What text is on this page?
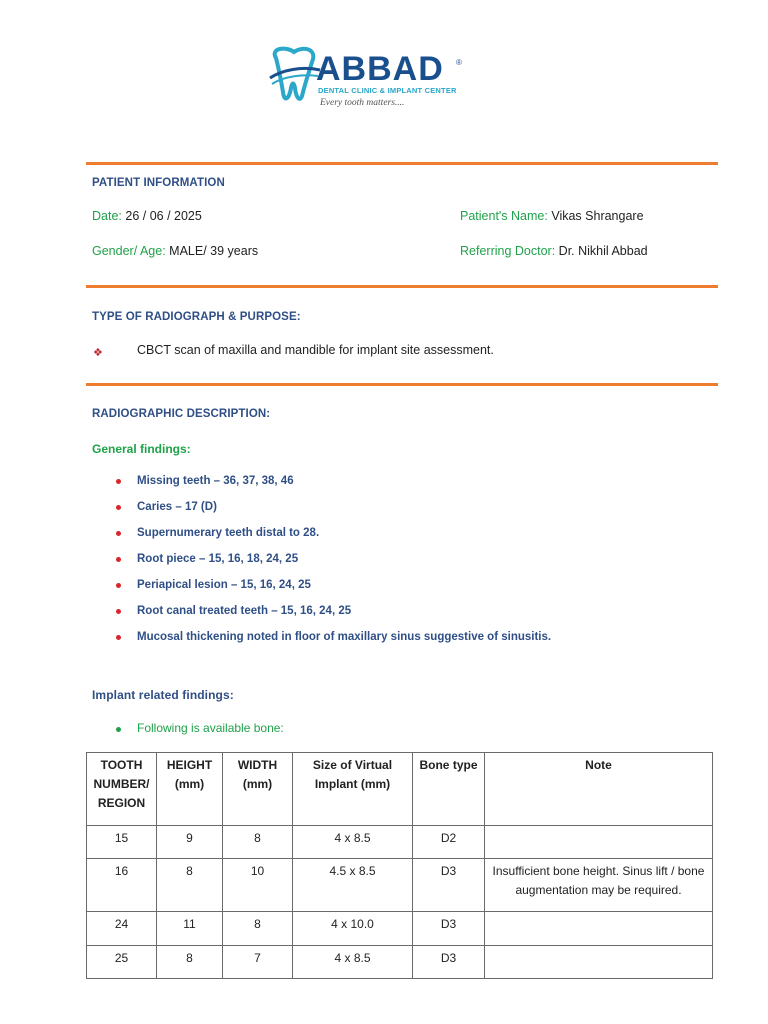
ABBAD ®
DENTAL CLINIC & IMPLANT CENTER
Every tooth matters....
PATIENT INFORMATION
Date: 26 / 06 / 2025	Patient's Name: Vikas Shrangare
Gender/ Age: MALE/ 39 years	Referring Doctor: Dr. Nikhil Abbad
TYPE OF RADIOGRAPH & PURPOSE:
❖	CBCT scan of maxilla and mandible for implant site assessment.
RADIOGRAPHIC DESCRIPTION:
General findings:
Missing teeth – 36, 37, 38, 46
Caries – 17 (D)
Supernumerary teeth distal to 28.
Root piece – 15, 16, 18, 24, 25
Periapical lesion – 15, 16, 24, 25
Root canal treated teeth – 15, 16, 24, 25
Mucosal thickening noted in floor of maxillary sinus suggestive of sinusitis.
Implant related findings:
Following is available bone:
TOOTH NUMBER/ REGION	HEIGHT (mm)	WIDTH (mm)	Size of Virtual Implant (mm)	Bone type	Note
15	9	8	4 x 8.5	D2	
16	8	10	4.5 x 8.5	D3	Insufficient bone height. Sinus lift / bone augmentation may be required.
24	11	8	4 x 10.0	D3	
25	8	7	4 x 8.5	D3	
